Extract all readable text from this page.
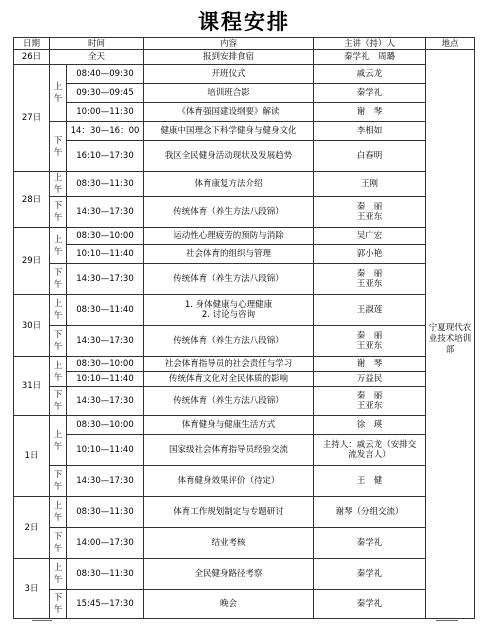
课程安排
日期	时间		内容	主讲（持）人	地点
26日	全天		报到安排食宿	秦学礼　周璐	宁夏现代农业技术培训部
27日	上午	08:40—09:30	开班仪式	戚云龙	
		09:30—09:45	培训班合影	秦学礼	
		10:00—11:30	《体育强国建设纲要》解读	谢　琴	
	下午	14：30—16：00	健康中国理念下科学健身与健身文化	李相如	
		16:10—17:30	我区全民健身活动现状及发展趋势	白春明	
28日	上午	08:30—11:30	体育康复方法介绍	王刚	
	下午	14:30—17:30	传统体育（养生方法八段锦）	秦　丽
王亚东	

29日	上午	08:30—10:00	运动性心理疲劳的预防与消除	吴广宏	
		10:10—11:40	社会体育的组织与管理	郭小艳	
	下午	14:30—17:30	传统体育（养生方法八段锦）	秦　丽
王亚东	

30日	上午	08:30—11:40	1. 身体健康与心理健康
2. 讨论与咨询	王淑莲	
	下午	14:30—17:30	传统体育（养生方法八段锦）	秦　丽
王亚东	

31日	上午	08:30—10:00	社会体育指导员的社会责任与学习	谢　琴	
		10:10—11:40	传统体育文化对全民体质的影响	万益民	
	下午	14:30—17:30	传统体育（养生方法八段锦）	秦　丽
王亚东	

1日	上午	08:30—10:00	体育健身与健康生活方式	徐　瑛	
		10:10—11:40	国家级社会体育指导员经验交流	主持人：戚云龙（安排交
流发言人）	

	下午	14:30—17:30	体育健身效果评价（待定）	王　健	
2日	上午	08:30—11:30	体育工作规划制定与专题研讨	谢琴（分组交流）	
	下午	14:00—17:30	结业考核	秦学礼	
3日	上午	08:30—11:30	全民健身路径考察	秦学礼	
	下午	15:45—17:30	晚会	秦学礼	
